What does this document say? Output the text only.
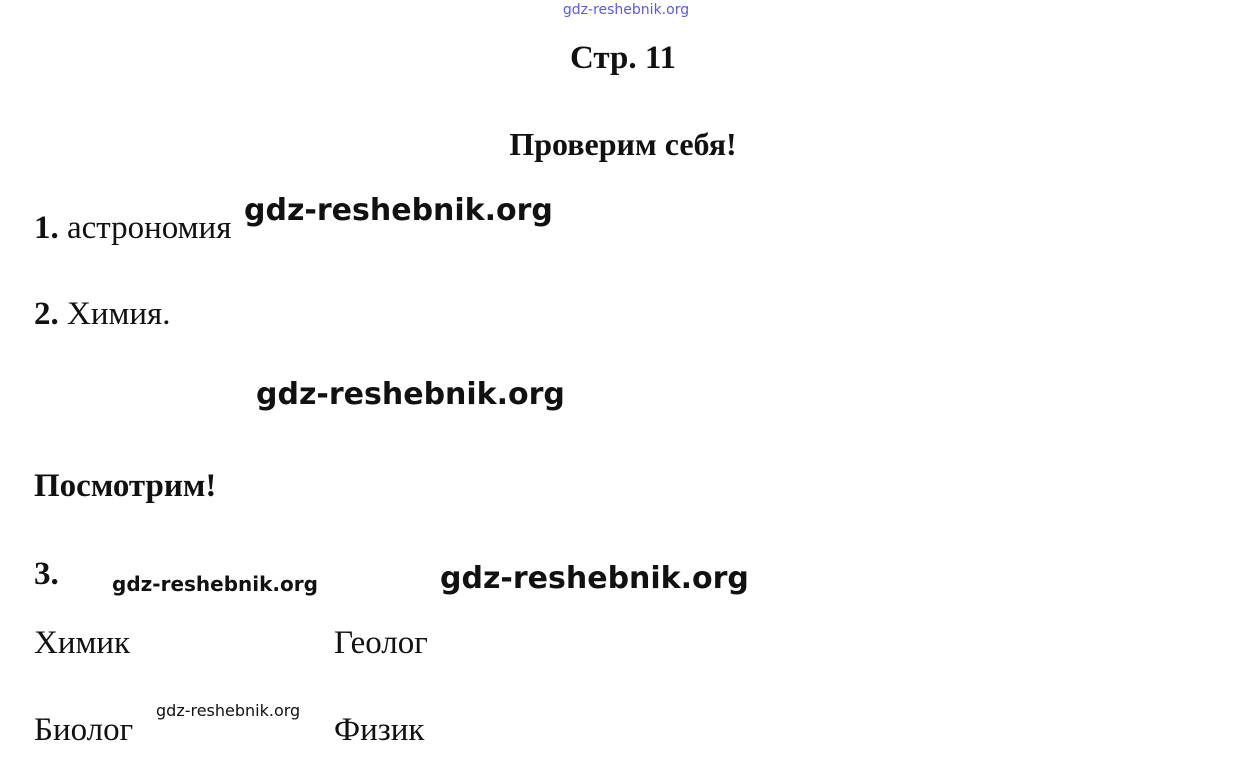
gdz-reshebnik.org
Стр. 11
Проверим себя!
1. астрономия gdz-reshebnik.org
2. Химия.
gdz-reshebnik.org
Посмотрим!
3.	gdz-reshebnik.org	gdz-reshebnik.org
Химик	Геолог
gdz-reshebnik.org
Биолог	Физик
